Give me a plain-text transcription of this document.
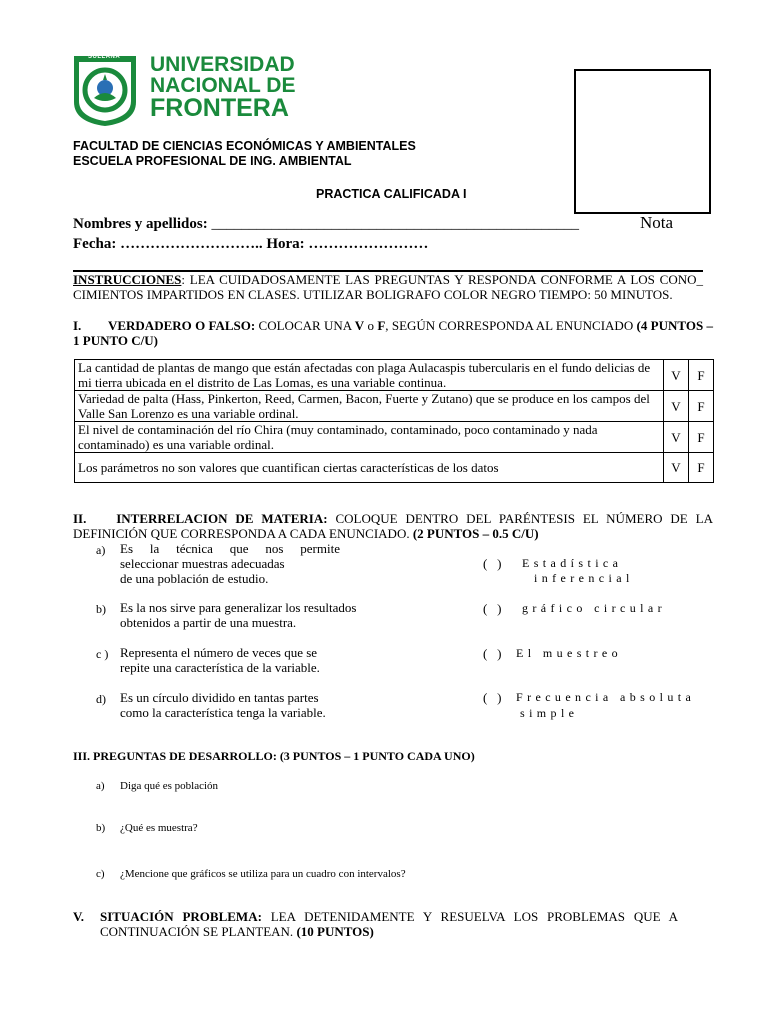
SULLANA UNIVERSIDAD
NACIONAL DE
FRONTERA
Nota
FACULTAD DE CIENCIAS ECONÓMICAS Y AMBIENTALES
ESCUELA PROFESIONAL DE ING. AMBIENTAL
PRACTICA CALIFICADA I
Nombres y apellidos: _________________________________________________
Fecha: ……………………….. Hora: ……………………
INSTRUCCIONES: LEA CUIDADOSAMENTE LAS PREGUNTAS Y RESPONDA CONFORME A LOS CONO_ CIMIENTOS IMPARTIDOS EN CLASES. UTILIZAR BOLIGRAFO COLOR NEGRO TIEMPO: 50 MINUTOS.
I. VERDADERO O FALSO: COLOCAR UNA V o F, SEGÚN CORRESPONDA AL ENUNCIADO (4 PUNTOS – 1 PUNTO C/U)
La cantidad de plantas de mango que están afectadas con plaga Aulacaspis tubercularis en el fundo delicias de mi tierra ubicada en el distrito de Las Lomas, es una variable continua.	V	F
Variedad de palta (Hass, Pinkerton, Reed, Carmen, Bacon, Fuerte y Zutano) que se produce en los campos del Valle San Lorenzo es una variable ordinal.	V	F
El nivel de contaminación del río Chira (muy contaminado, contaminado, poco contaminado y nada contaminado) es una variable ordinal.	V	F
Los parámetros no son valores que cuantifican ciertas características de los datos	V	F
II. INTERRELACION DE MATERIA: COLOQUE DENTRO DEL PARÉNTESIS EL NÚMERO DE LA DEFINICIÓN QUE CORRESPONDA A CADA ENUNCIADO. (2 PUNTOS – 0.5 C/U)
a) Es la técnica que nos permite
seleccionar muestras adecuadas
de una población de estudio.
(   ) Estadística
inferencial
b) Es la nos sirve para generalizar los resultados
obtenidos a partir de una muestra.
(   ) gráfico circular
c ) Representa el número de veces que se
repite una característica de la variable.
(   ) El muestreo
d) Es un círculo dividido en tantas partes
como la característica tenga la variable.
(   ) Frecuencia absoluta
simple
III. PREGUNTAS DE DESARROLLO: (3 PUNTOS – 1 PUNTO CADA UNO)
a) Diga qué es población
b) ¿Qué es muestra?
c) ¿Mencione que gráficos se utiliza para un cuadro con intervalos?
V. SITUACIÓN PROBLEMA: LEA DETENIDAMENTE Y RESUELVA LOS PROBLEMAS QUE A CONTINUACIÓN SE PLANTEAN. (10 PUNTOS)
